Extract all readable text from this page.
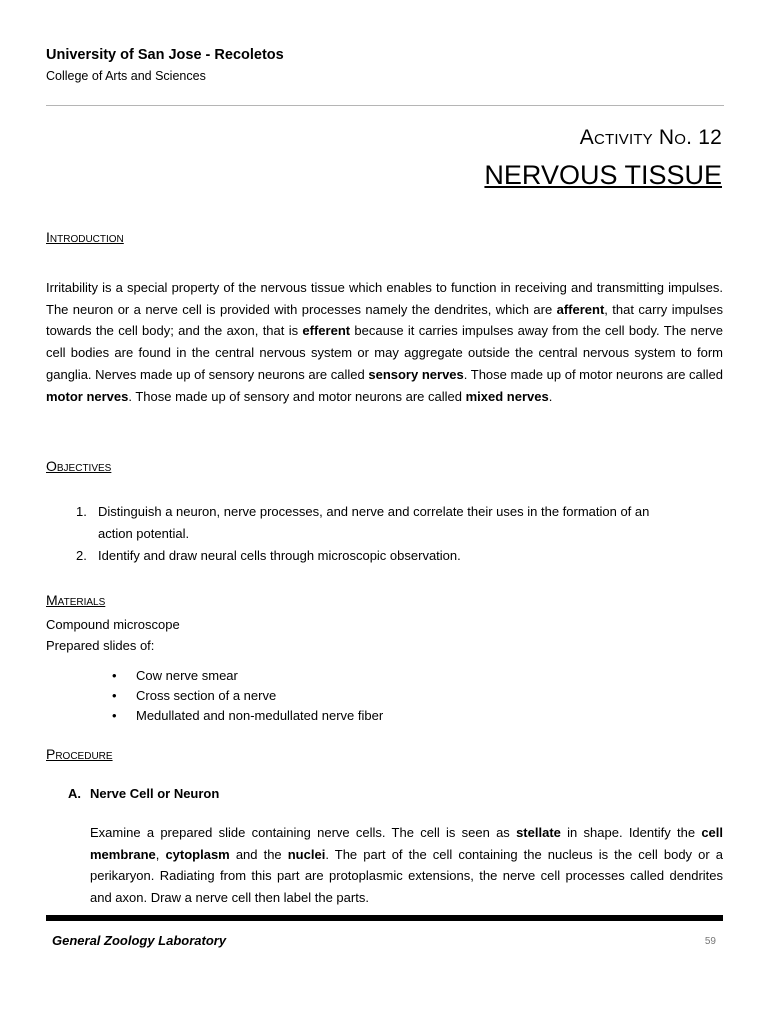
University of San Jose - Recoletos
College of Arts and Sciences
Activity No. 12
NERVOUS TISSUE
Introduction
Irritability is a special property of the nervous tissue which enables to function in receiving and transmitting impulses. The neuron or a nerve cell is provided with processes namely the dendrites, which are afferent, that carry impulses towards the cell body; and the axon, that is efferent because it carries impulses away from the cell body. The nerve cell bodies are found in the central nervous system or may aggregate outside the central nervous system to form ganglia. Nerves made up of sensory neurons are called sensory nerves. Those made up of motor neurons are called motor nerves. Those made up of sensory and motor neurons are called mixed nerves.
Objectives
1. Distinguish a neuron, nerve processes, and nerve and correlate their uses in the formation of an
action potential.
2. Identify and draw neural cells through microscopic observation.
Materials
Compound microscope
Prepared slides of:
• Cow nerve smear
• Cross section of a nerve
• Medullated and non-medullated nerve fiber
Procedure
A. Nerve Cell or Neuron
Examine a prepared slide containing nerve cells. The cell is seen as stellate in shape. Identify the cell membrane, cytoplasm and the nuclei. The part of the cell containing the nucleus is the cell body or a perikaryon. Radiating from this part are protoplasmic extensions, the nerve cell processes called dendrites and axon. Draw a nerve cell then label the parts.
General Zoology Laboratory	59
